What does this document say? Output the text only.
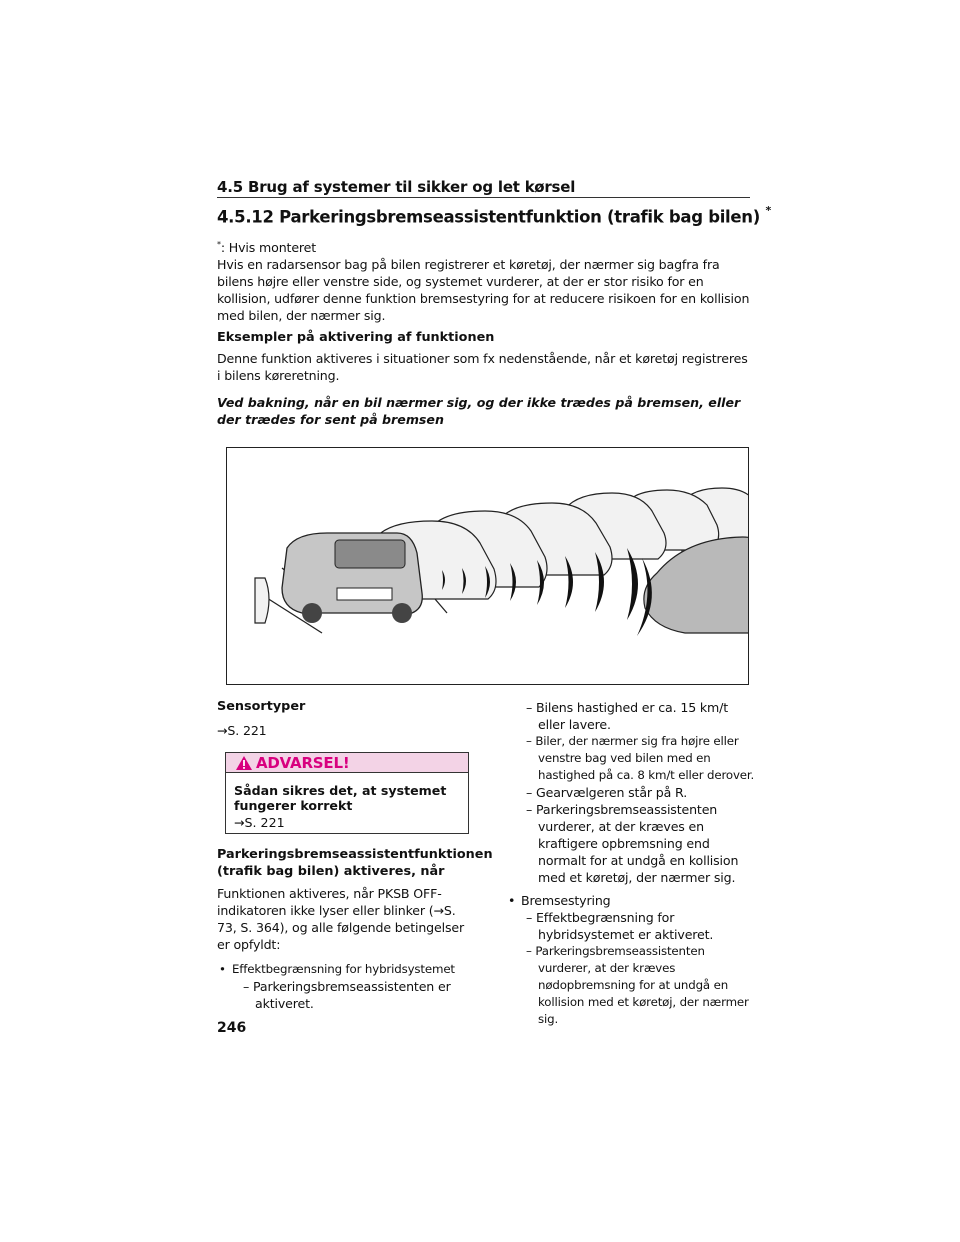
4.5 Brug af systemer til sikker og let kørsel
4.5.12 Parkeringsbremseassistentfunktion (trafik bag bilen) *
*: Hvis monteret
Hvis en radarsensor bag på bilen registrerer et køretøj, der nærmer sig bagfra fra bilens højre eller venstre side, og systemet vurderer, at der er stor risiko for en kollision, udfører denne funktion bremsestyring for at reducere risikoen for en kollision med bilen, der nærmer sig.
Eksempler på aktivering af funktionen
Denne funktion aktiveres i situationer som fx nedenstående, når et køretøj registreres i bilens køreretning.
Ved bakning, når en bil nærmer sig, og der ikke trædes på bremsen, eller der trædes for sent på bremsen
Sensortyper
→S. 221
ADVARSEL!
Sådan sikres det, at systemet fungerer korrekt
→S. 221
Parkeringsbremseassistentfunktionen (trafik bag bilen) aktiveres, når
Funktionen aktiveres, når PKSB OFF-indikatoren ikke lyser eller blinker (→S. 73, S. 364), og alle følgende betingelser er opfyldt:
• Effektbegrænsning for hybridsystemet
– Parkeringsbremseassistenten er aktiveret.
– Bilens hastighed er ca. 15 km/t eller lavere.
– Biler, der nærmer sig fra højre eller venstre bag ved bilen med en hastighed på ca. 8 km/t eller derover.
– Gearvælgeren står på R.
– Parkeringsbremseassistenten vurderer, at der kræves en kraftigere opbremsning end normalt for at undgå en kollision med et køretøj, der nærmer sig.
• Bremsestyring
– Effektbegrænsning for hybridsystemet er aktiveret.
– Parkeringsbremseassistenten vurderer, at der kræves nødopbremsning for at undgå en kollision med et køretøj, der nærmer sig.
246
